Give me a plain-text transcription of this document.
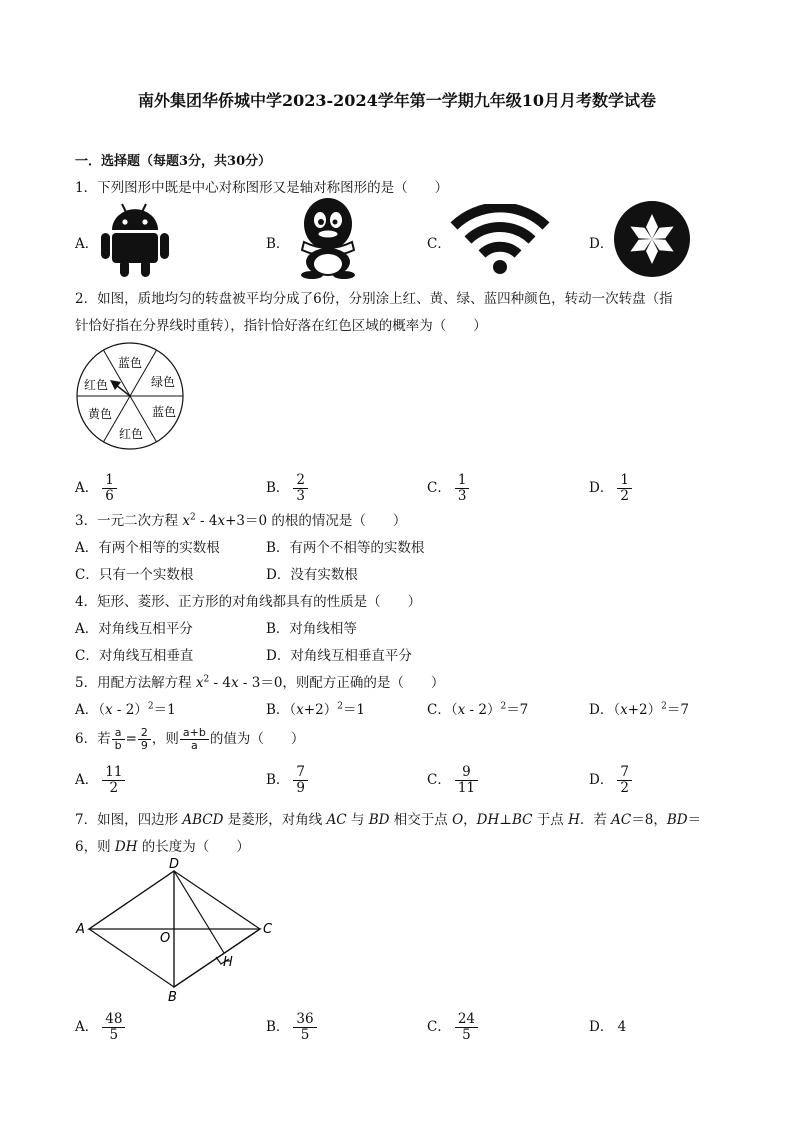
南外集团华侨城中学2023-2024学年第一学期九年级10月月考数学试卷
一．选择题（每题3分，共30分）
1．下列图形中既是中心对称图形又是轴对称图形的是（　　）
A．	B．	C．	D．
2．如图，质地均匀的转盘被平均分成了6份，分别涂上红、黄、绿、蓝四种颜色，转动一次转盘（指
针恰好指在分界线时重转），指针恰好落在红色区域的概率为（　　）
蓝色
绿色
蓝色
红色
黄色
红色
A． $\frac{1}{6}$	B． $\frac{2}{3}$	C． $\frac{1}{3}$	D． $\frac{1}{2}$
3．一元二次方程 $x^2 - 4x+3=0$ 的根的情况是（　　）
A．有两个相等的实数根	B．有两个不相等的实数根
C．只有一个实数根	D．没有实数根
4．矩形、菱形、正方形的对角线都具有的性质是（　　）
A．对角线互相平分	B．对角线相等
C．对角线互相垂直	D．对角线互相垂直平分
5．用配方法解方程 $x^2 - 4x - 3=0$，则配方正确的是（　　）
A．（x - 2）$^2$＝1	B．$(x+2)^2=1$	C．（x - 2）$^2$＝7	D．$(x+2)^2=7$
6．若 $\frac{a}{b} = \frac{2}{9}$ ，则 $\frac{a+b}{a}$ 的值为（　　）
A． $\frac{11}{2}$	B． $\frac{7}{9}$	C． $\frac{9}{11}$	D． $\frac{7}{2}$
7．如图，四边形 ABCD 是菱形，对角线 AC 与 BD 相交于点 O，DH⊥BC 于点 H．若 AC＝8，BD＝
6，则 DH 的长度为（　　）
D
A
O
C
H
B
A． $\frac{48}{5}$	B． $\frac{36}{5}$	C． $\frac{24}{5}$	D． 4
